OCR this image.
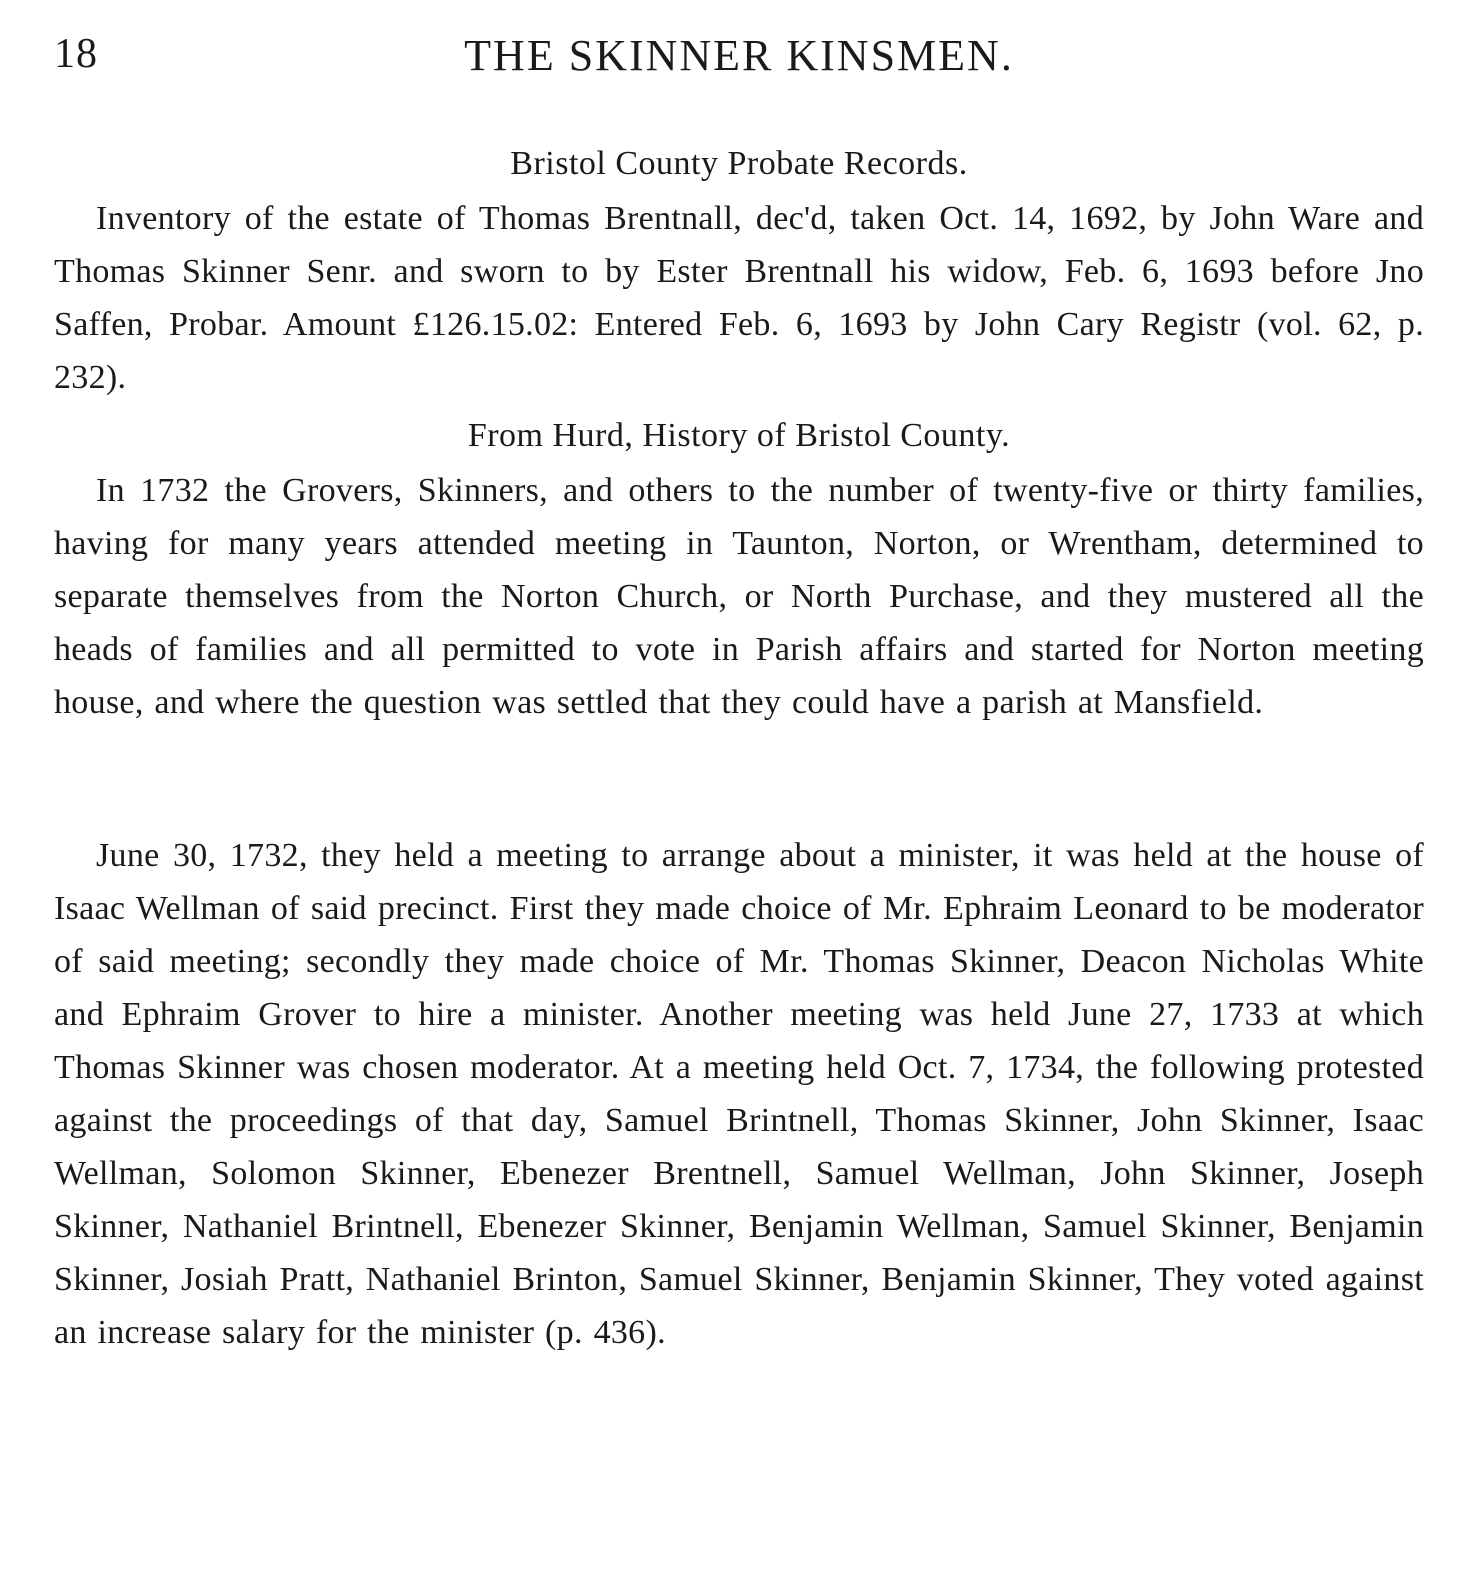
18	THE SKINNER KINSMEN.
Bristol County Probate Records.

Inventory of the estate of Thomas Brentnall, dec'd, taken Oct. 14, 1692, by John Ware and Thomas Skinner Senr. and sworn to by Ester Brentnall his widow, Feb. 6, 1693 before Jno Saffen, Probar. Amount £126.15.02: Entered Feb. 6, 1693 by John Cary Registr (vol. 62, p. 232).

From Hurd, History of Bristol County.

In 1732 the Grovers, Skinners, and others to the number of twenty-five or thirty families, having for many years attended meeting in Taunton, Norton, or Wrentham, determined to separate themselves from the Norton Church, or North Purchase, and they mustered all the heads of families and all permitted to vote in Parish affairs and started for Norton meeting house, and where the question was settled that they could have a parish at Mansfield.

June 30, 1732, they held a meeting to arrange about a minister, it was held at the house of Isaac Wellman of said precinct. First they made choice of Mr. Ephraim Leonard to be moderator of said meeting; secondly they made choice of Mr. Thomas Skinner, Deacon Nicholas White and Ephraim Grover to hire a minister. Another meeting was held June 27, 1733 at which Thomas Skinner was chosen moderator. At a meeting held Oct. 7, 1734, the following protested against the proceedings of that day, Samuel Brintnell, Thomas Skinner, John Skinner, Isaac Wellman, Solomon Skinner, Ebenezer Brentnell, Samuel Wellman, John Skinner, Joseph Skinner, Nathaniel Brintnell, Ebenezer Skinner, Benjamin Wellman, Samuel Skinner, Benjamin Skinner, Josiah Pratt, Nathaniel Brinton, Samuel Skinner, Benjamin Skinner, They voted against an increase salary for the minister (p. 436).
